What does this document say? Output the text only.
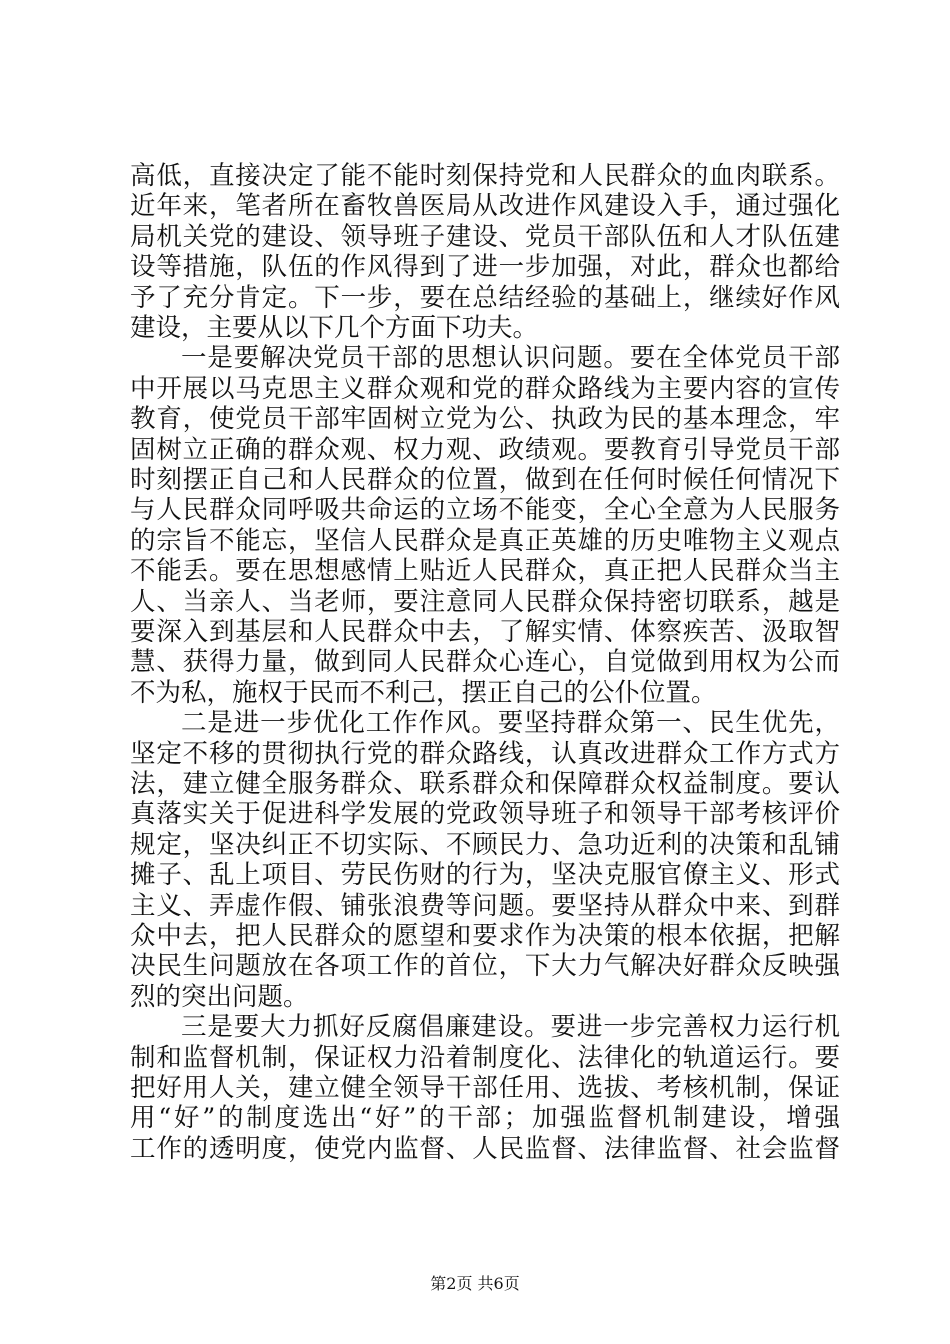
高低，直接决定了能不能时刻保持党和人民群众的血肉联系。
近年来，笔者所在畜牧兽医局从改进作风建设入手，通过强化
局机关党的建设、领导班子建设、党员干部队伍和人才队伍建
设等措施，队伍的作风得到了进一步加强，对此，群众也都给
予了充分肯定。下一步，要在总结经验的基础上，继续好作风
建设，主要从以下几个方面下功夫。
一是要解决党员干部的思想认识问题。要在全体党员干部
中开展以马克思主义群众观和党的群众路线为主要内容的宣传
教育，使党员干部牢固树立党为公、执政为民的基本理念，牢
固树立正确的群众观、权力观、政绩观。要教育引导党员干部
时刻摆正自己和人民群众的位置，做到在任何时候任何情况下
与人民群众同呼吸共命运的立场不能变，全心全意为人民服务
的宗旨不能忘，坚信人民群众是真正英雄的历史唯物主义观点
不能丢。要在思想感情上贴近人民群众，真正把人民群众当主
人、当亲人、当老师，要注意同人民群众保持密切联系，越是
要深入到基层和人民群众中去，了解实情、体察疾苦、汲取智
慧、获得力量，做到同人民群众心连心，自觉做到用权为公而
不为私，施权于民而不利己，摆正自己的公仆位置。
二是进一步优化工作作风。要坚持群众第一、民生优先，
坚定不移的贯彻执行党的群众路线，认真改进群众工作方式方
法，建立健全服务群众、联系群众和保障群众权益制度。要认
真落实关于促进科学发展的党政领导班子和领导干部考核评价
规定，坚决纠正不切实际、不顾民力、急功近利的决策和乱铺
摊子、乱上项目、劳民伤财的行为，坚决克服官僚主义、形式
主义、弄虚作假、铺张浪费等问题。要坚持从群众中来、到群
众中去，把人民群众的愿望和要求作为决策的根本依据，把解
决民生问题放在各项工作的首位，下大力气解决好群众反映强
烈的突出问题。
三是要大力抓好反腐倡廉建设。要进一步完善权力运行机
制和监督机制，保证权力沿着制度化、法律化的轨道运行。要
把好用人关，建立健全领导干部任用、选拔、考核机制，保证
用“好”的制度选出“好”的干部；加强监督机制建设，增强
工作的透明度，使党内监督、人民监督、法律监督、社会监督
第2页 共6页
